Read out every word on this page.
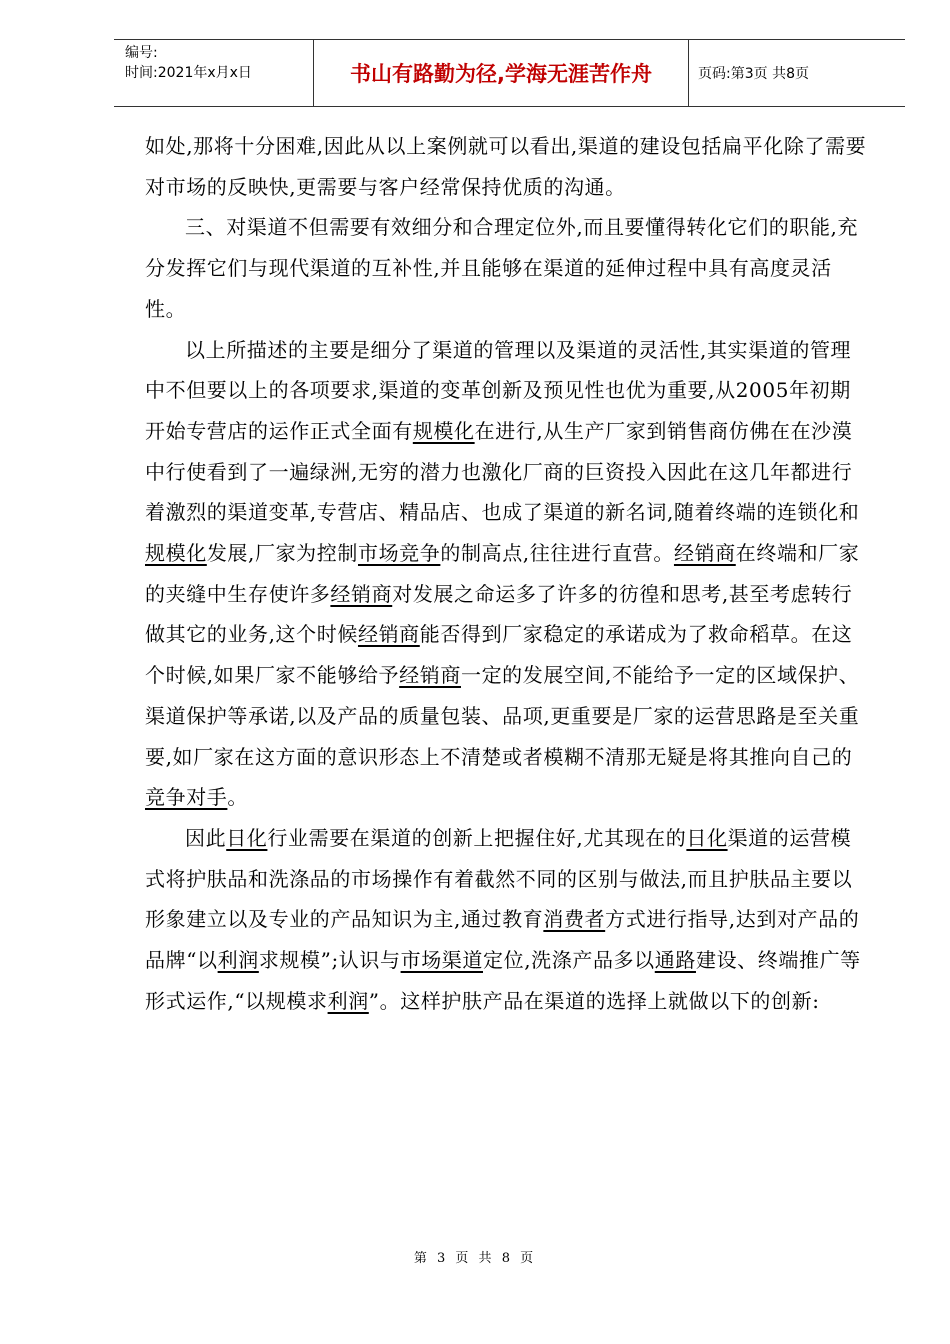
编号:
时间:2021年x月x日	书山有路勤为径,学海无涯苦作舟	页码:第3页 共8页

如处,那将十分困难,因此从以上案例就可以看出,渠道的建设包括扁平化除了需要对市场的反映快,更需要与客户经常保持优质的沟通。

三、对渠道不但需要有效细分和合理定位外,而且要懂得转化它们的职能,充分发挥它们与现代渠道的互补性,并且能够在渠道的延伸过程中具有高度灵活性。

以上所描述的主要是细分了渠道的管理以及渠道的灵活性,其实渠道的管理中不但要以上的各项要求,渠道的变革创新及预见性也优为重要,从2005年初期开始专营店的运作正式全面有规模化在进行,从生产厂家到销售商仿佛在在沙漠中行使看到了一遍绿洲,无穷的潜力也激化厂商的巨资投入因此在这几年都进行着激烈的渠道变革,专营店、精品店、也成了渠道的新名词,随着终端的连锁化和规模化发展,厂家为控制市场竞争的制高点,往往进行直营。经销商在终端和厂家的夹缝中生存使许多经销商对发展之命运多了许多的彷徨和思考,甚至考虑转行做其它的业务,这个时候经销商能否得到厂家稳定的承诺成为了救命稻草。在这个时候,如果厂家不能够给予经销商一定的发展空间,不能给予一定的区域保护、渠道保护等承诺,以及产品的质量包装、品项,更重要是厂家的运营思路是至关重要,如厂家在这方面的意识形态上不清楚或者模糊不清那无疑是将其推向自己的竞争对手。

因此日化行业需要在渠道的创新上把握住好,尤其现在的日化渠道的运营模式将护肤品和洗涤品的市场操作有着截然不同的区别与做法,而且护肤品主要以形象建立以及专业的产品知识为主,通过教育消费者方式进行指导,达到对产品的品牌“以利润求规模”;认识与市场渠道定位,洗涤产品多以通路建设、终端推广等形式运作,“以规模求利润”。这样护肤产品在渠道的选择上就做以下的创新:

第 3 页 共 8 页
